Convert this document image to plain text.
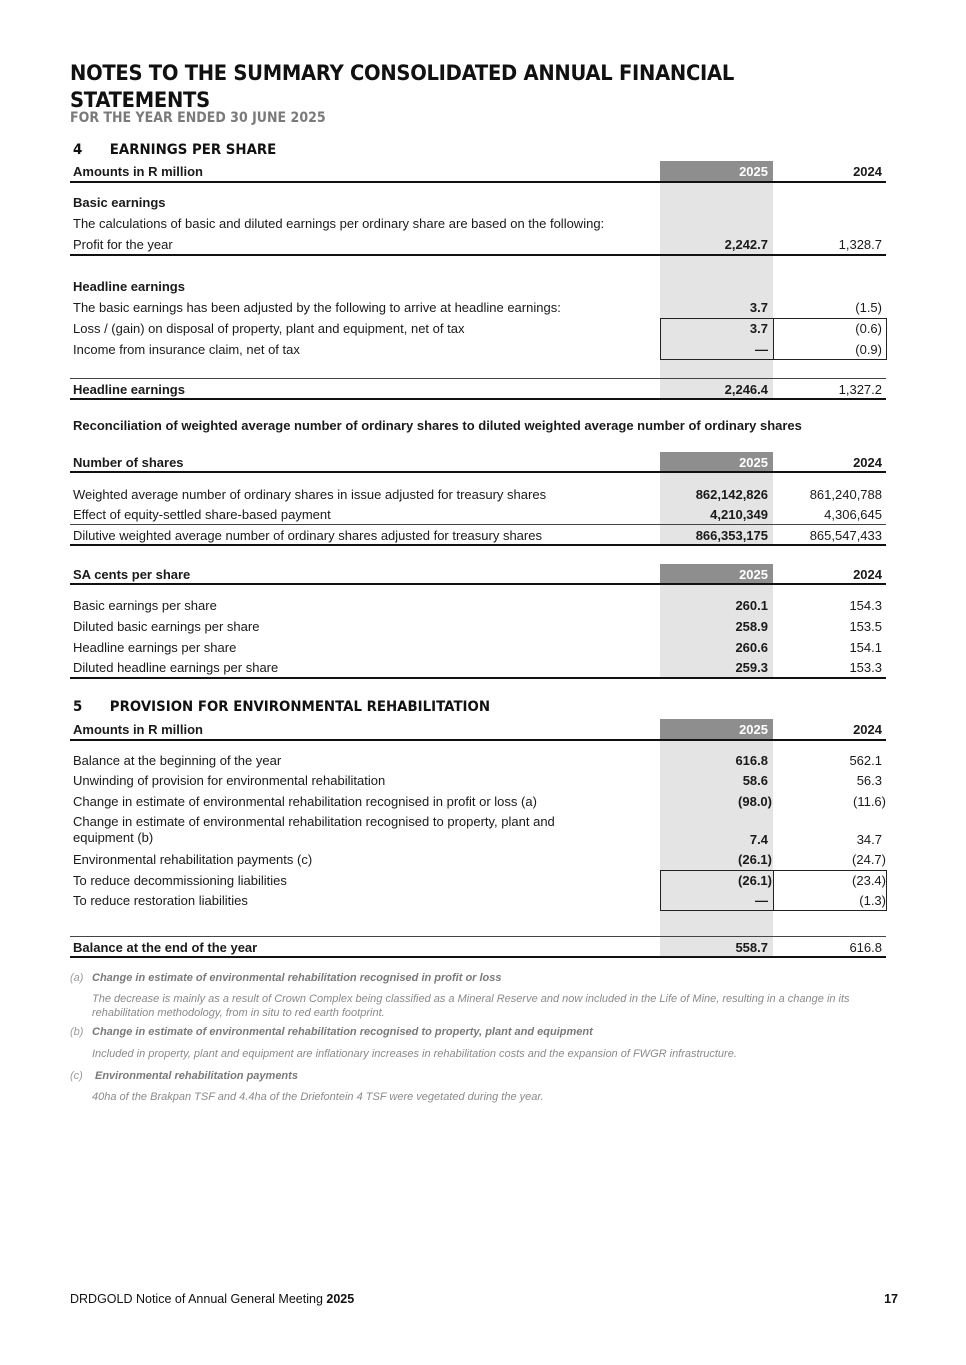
NOTES TO THE SUMMARY CONSOLIDATED ANNUAL FINANCIAL STATEMENTS
FOR THE YEAR ENDED 30 JUNE 2025
4 EARNINGS PER SHARE
Amounts in R million	2025	2024
Basic earnings
The calculations of basic and diluted earnings per ordinary share are based on the following:
Profit for the year	2,242.7	1,328.7
Headline earnings
The basic earnings has been adjusted by the following to arrive at headline earnings:	3.7	(1.5)
Loss / (gain) on disposal of property, plant and equipment, net of tax	3.7	(0.6)
Income from insurance claim, net of tax	—	(0.9)
Headline earnings	2,246.4	1,327.2
Reconciliation of weighted average number of ordinary shares to diluted weighted average number of ordinary shares
Number of shares	2025	2024
Weighted average number of ordinary shares in issue adjusted for treasury shares	862,142,826	861,240,788
Effect of equity-settled share-based payment	4,210,349	4,306,645
Dilutive weighted average number of ordinary shares adjusted for treasury shares	866,353,175	865,547,433
SA cents per share	2025	2024
Basic earnings per share	260.1	154.3
Diluted basic earnings per share	258.9	153.5
Headline earnings per share	260.6	154.1
Diluted headline earnings per share	259.3	153.3
5 PROVISION FOR ENVIRONMENTAL REHABILITATION
Amounts in R million	2025	2024
Balance at the beginning of the year	616.8	562.1
Unwinding of provision for environmental rehabilitation	58.6	56.3
Change in estimate of environmental rehabilitation recognised in profit or loss (a)	(98.0)	(11.6)
Change in estimate of environmental rehabilitation recognised to property, plant and equipment (b)	7.4	34.7
Environmental rehabilitation payments (c)	(26.1)	(24.7)
To reduce decommissioning liabilities	(26.1)	(23.4)
To reduce restoration liabilities	—	(1.3)
Balance at the end of the year	558.7	616.8
(a) Change in estimate of environmental rehabilitation recognised in profit or loss
The decrease is mainly as a result of Crown Complex being classified as a Mineral Reserve and now included in the Life of Mine, resulting in a change in its rehabilitation methodology, from in situ to red earth footprint.
(b) Change in estimate of environmental rehabilitation recognised to property, plant and equipment
Included in property, plant and equipment are inflationary increases in rehabilitation costs and the expansion of FWGR infrastructure.
(c) Environmental rehabilitation payments
40ha of the Brakpan TSF and 4.4ha of the Driefontein 4 TSF were vegetated during the year.
DRDGOLD Notice of Annual General Meeting 2025	17
